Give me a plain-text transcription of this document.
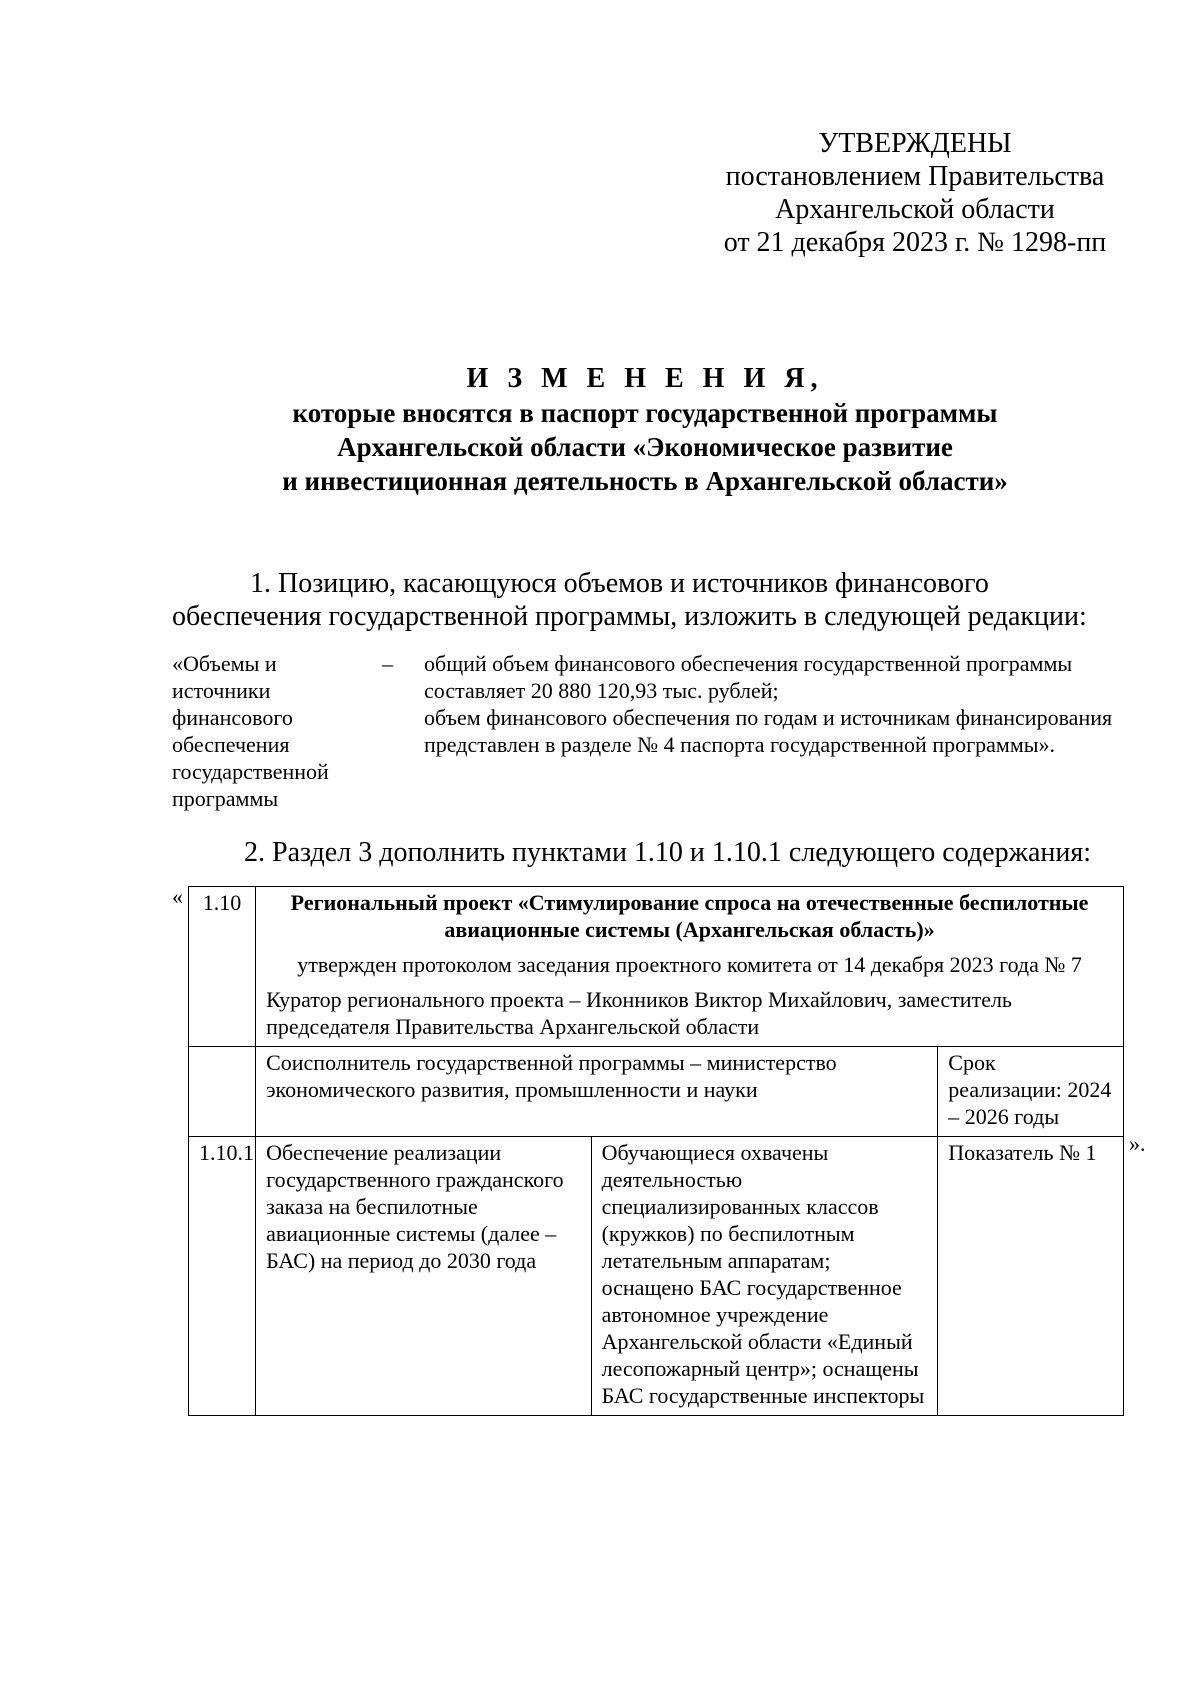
УТВЕРЖДЕНЫ
постановлением Правительства
Архангельской области
от 21 декабря 2023 г. № 1298-пп
И З М Е Н Е Н И Я,
которые вносятся в паспорт государственной программы
Архангельской области «Экономическое развитие
и инвестиционная деятельность в Архангельской области»
1. Позицию, касающуюся объемов и источников финансового обеспечения государственной программы, изложить в следующей редакции:
«Объемы и источники финансового обеспечения государственной программы
– общий объем финансового обеспечения государственной программы составляет 20 880 120,93 тыс. рублей;
объем финансового обеспечения по годам и источникам финансирования представлен в разделе № 4 паспорта государственной программы».
2. Раздел 3 дополнить пунктами 1.10 и 1.10.1 следующего содержания:
« 1.10	Региональный проект «Стимулирование спроса на отечественные беспилотные авиационные системы (Архангельская область)»
утвержден протоколом заседания проектного комитета от 14 декабря 2023 года № 7
Куратор регионального проекта – Иконников Виктор Михайлович, заместитель председателя Правительства Архангельской области		

	Соисполнитель государственной программы – министерство экономического развития, промышленности и науки		Срок реализации: 2024 – 2026 годы
1.10.1	Обеспечение реализации государственного гражданского заказа на беспилотные авиационные системы (далее – БАС) на период до 2030 года	Обучающиеся охвачены деятельностью специализированных классов (кружков) по беспилотным летательным аппаратам; оснащено БАС государственное автономное учреждение Архангельской области «Единый лесопожарный центр»; оснащены БАС государственные инспекторы	Показатель № 1 ».
